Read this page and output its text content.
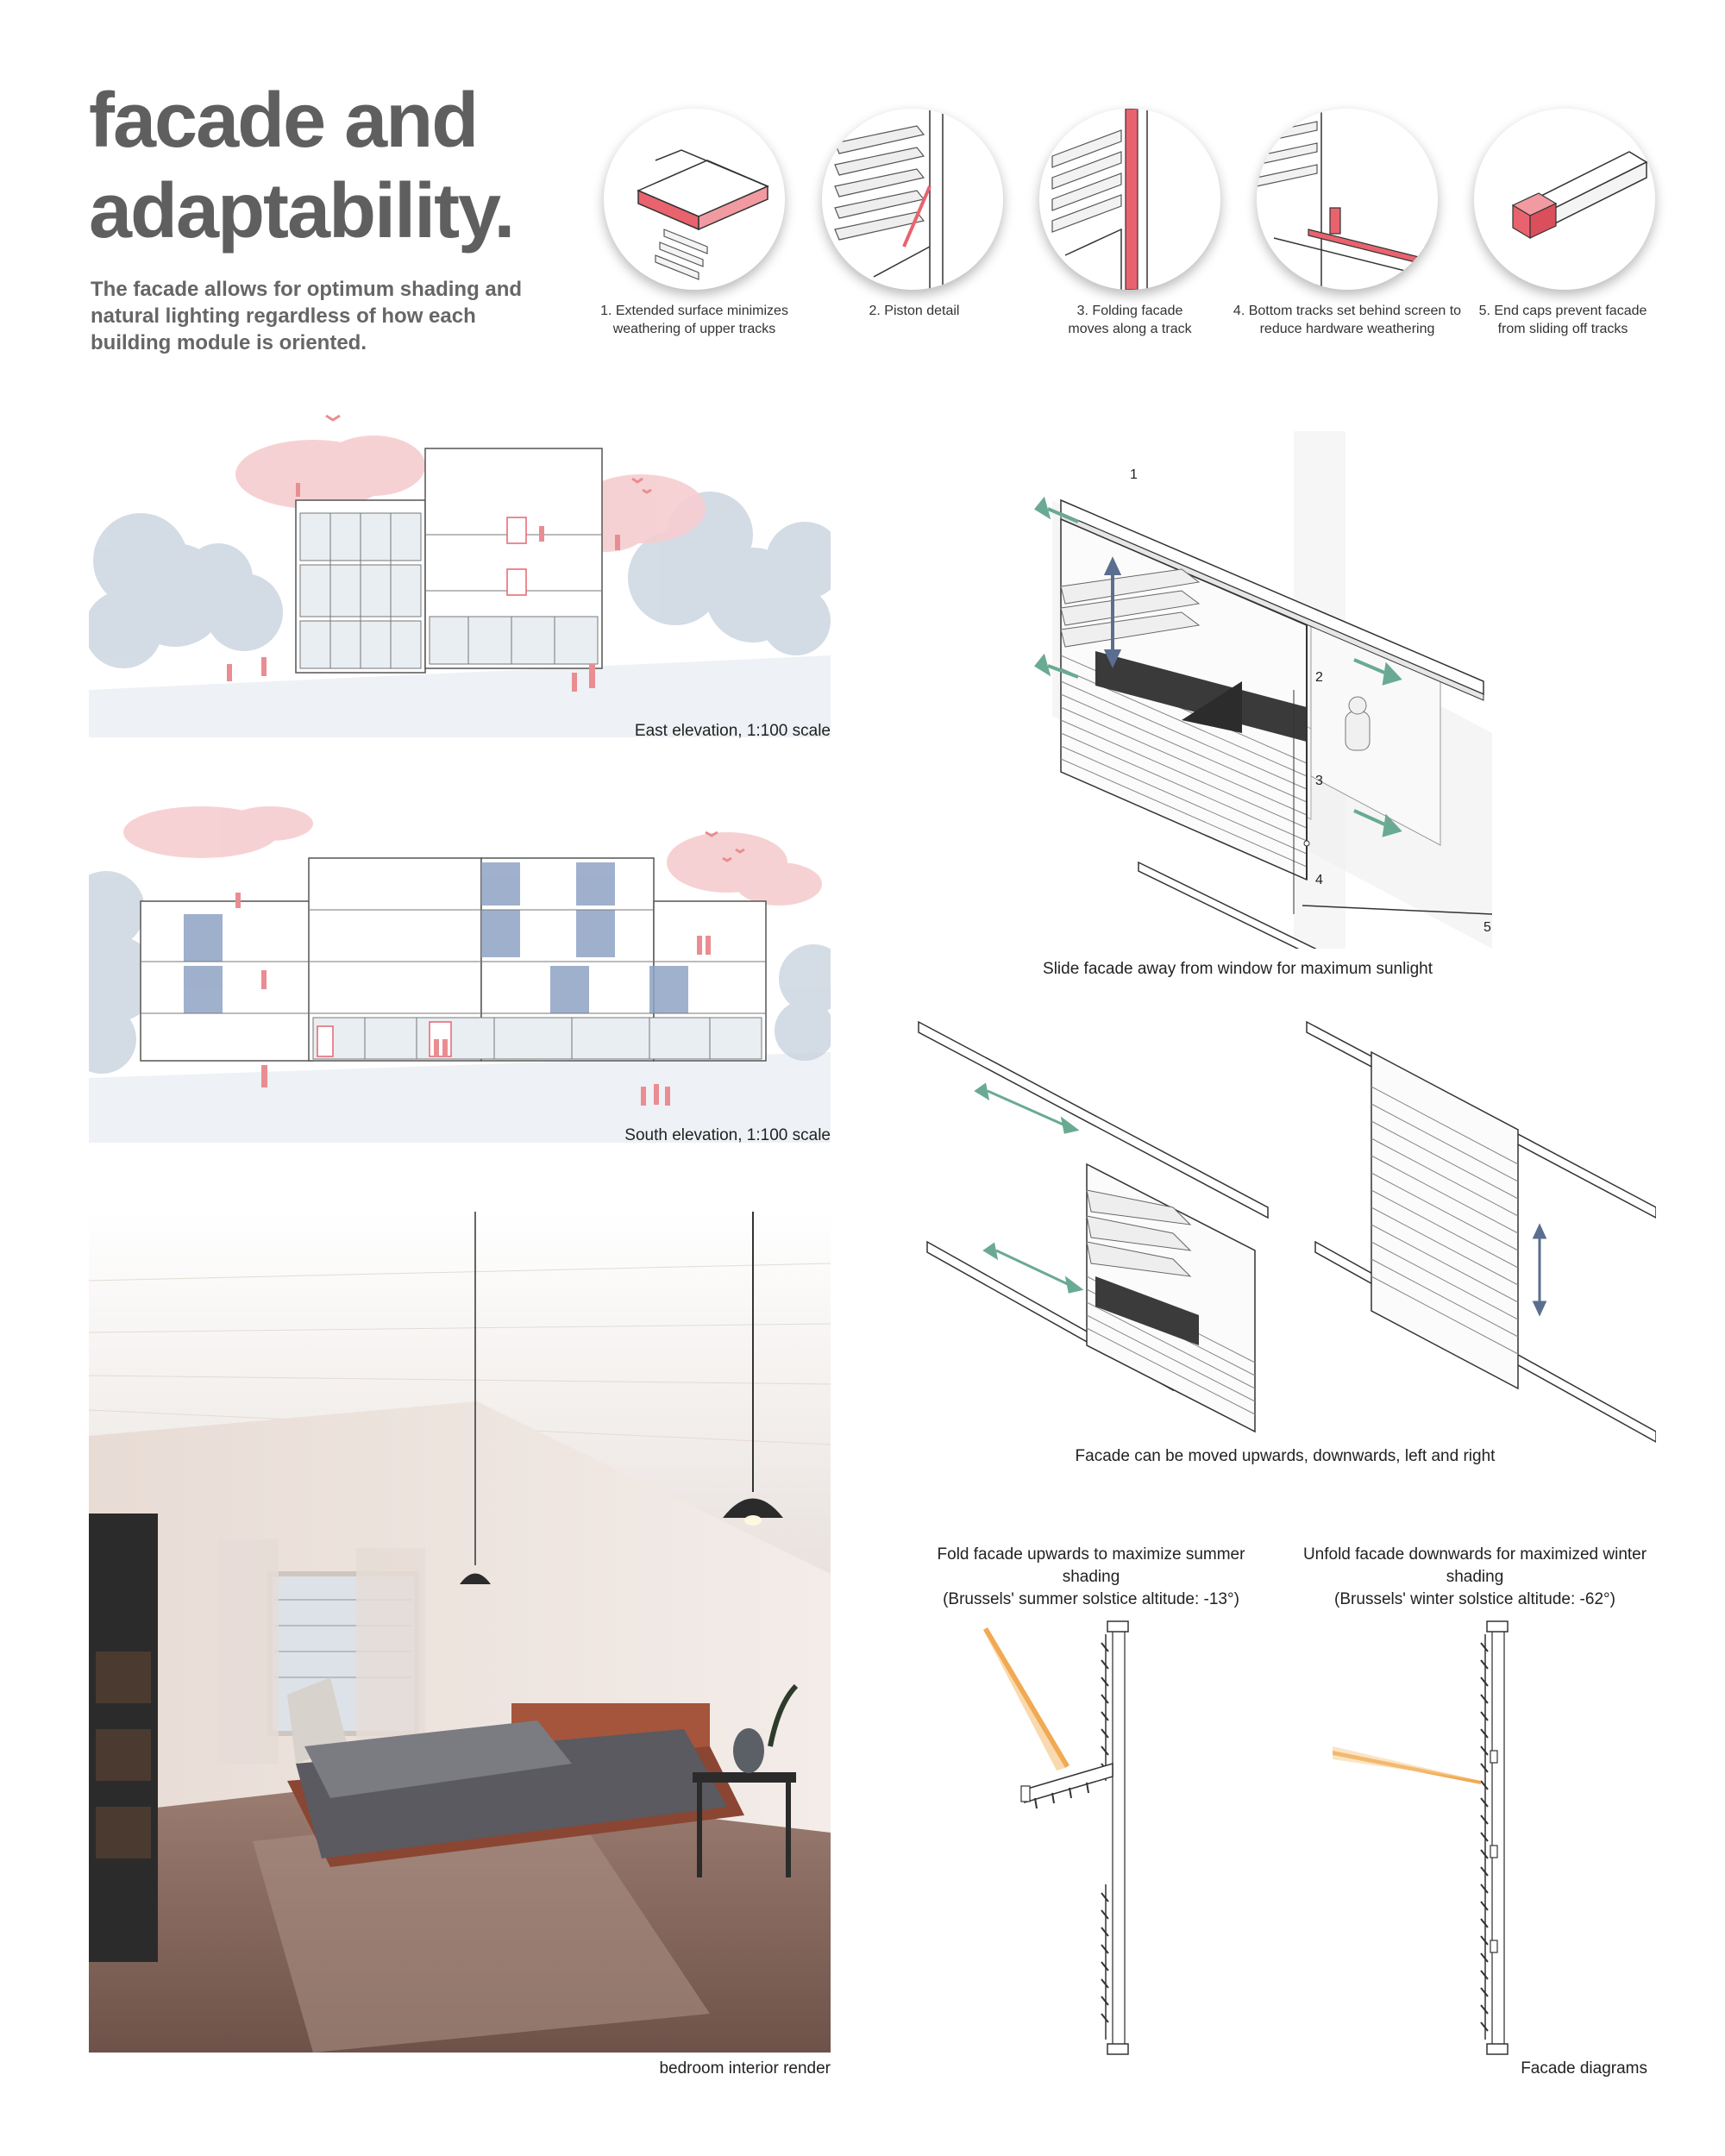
facade and
adaptability.

The facade allows for optimum shading and natural lighting regardless of how each building module is oriented.

1. Extended surface minimizes weathering of upper tracks
2. Piston detail	3. Folding facade moves along a track
4. Bottom tracks set behind screen to reduce hardware weathering
5. End caps prevent facade from sliding off tracks
East elevation, 1:100 scale
South elevation, 1:100 scale
bedroom interior render
1
2
3
4
5
Slide facade away from window for maximum sunlight
Facade can be moved upwards, downwards, left and right
Fold facade upwards to maximize summer shading
(Brussels' summer solstice altitude: -13°)
Unfold facade downwards for maximized winter shading
(Brussels' winter solstice altitude: -62°)
Facade diagrams
